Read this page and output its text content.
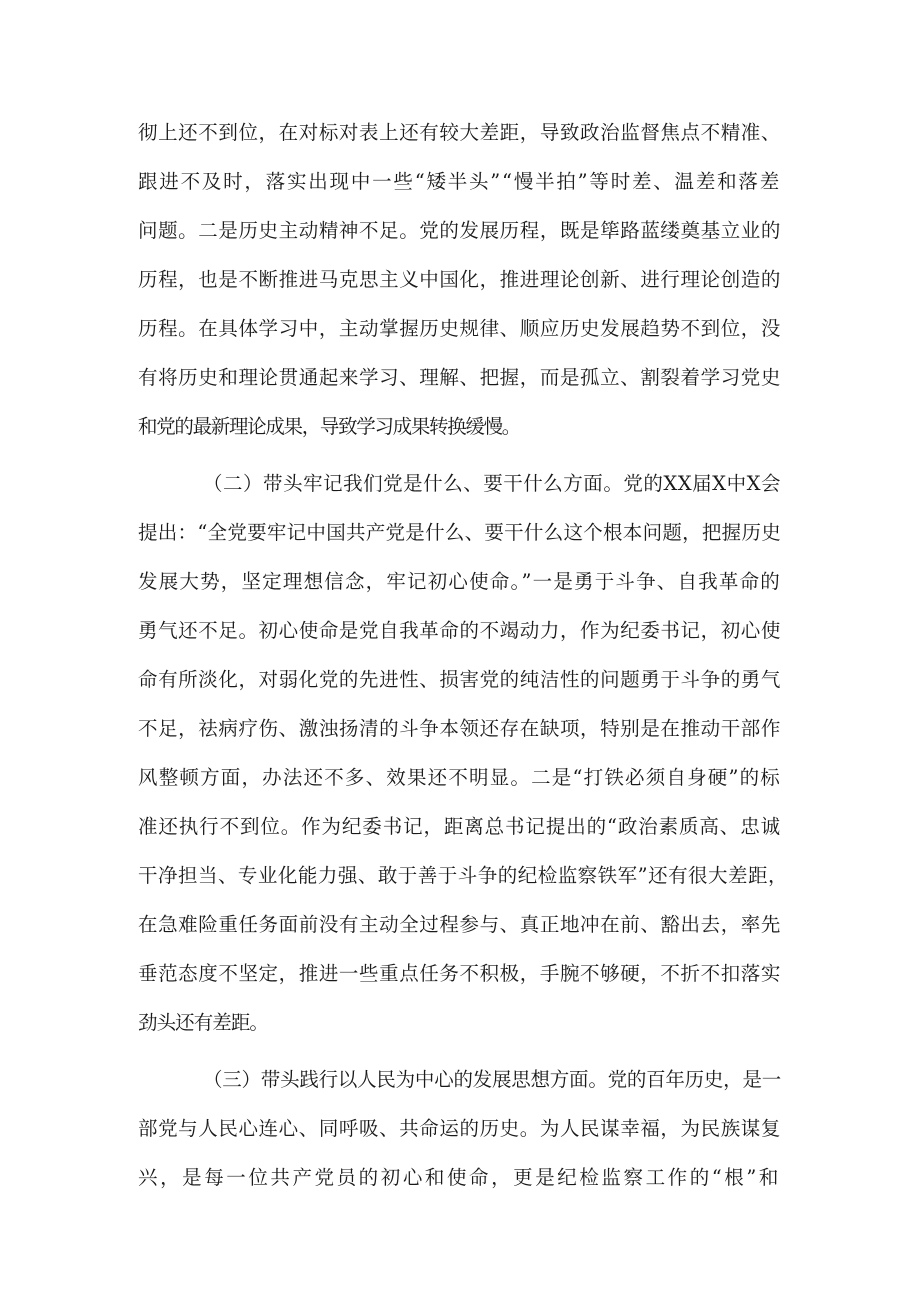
彻上还不到位，在对标对表上还有较大差距，导致政治监督焦点不精准、
跟进不及时，落实出现中一些“矮半头”“慢半拍”等时差、温差和落差
问题。二是历史主动精神不足。党的发展历程，既是筚路蓝缕奠基立业的
历程，也是不断推进马克思主义中国化，推进理论创新、进行理论创造的
历程。在具体学习中，主动掌握历史规律、顺应历史发展趋势不到位，没
有将历史和理论贯通起来学习、理解、把握，而是孤立、割裂着学习党史
和党的最新理论成果，导致学习成果转换缓慢。
（二）带头牢记我们党是什么、要干什么方面。党的XX届X中X会
提出：“全党要牢记中国共产党是什么、要干什么这个根本问题，把握历史
发展大势，坚定理想信念，牢记初心使命。”一是勇于斗争、自我革命的
勇气还不足。初心使命是党自我革命的不竭动力，作为纪委书记，初心使
命有所淡化，对弱化党的先进性、损害党的纯洁性的问题勇于斗争的勇气
不足，祛病疗伤、激浊扬清的斗争本领还存在缺项，特别是在推动干部作
风整顿方面，办法还不多、效果还不明显。二是“打铁必须自身硬”的标
准还执行不到位。作为纪委书记，距离总书记提出的“政治素质高、忠诚
干净担当、专业化能力强、敢于善于斗争的纪检监察铁军”还有很大差距，
在急难险重任务面前没有主动全过程参与、真正地冲在前、豁出去，率先
垂范态度不坚定，推进一些重点任务不积极，手腕不够硬，不折不扣落实
劲头还有差距。
（三）带头践行以人民为中心的发展思想方面。党的百年历史，是一
部党与人民心连心、同呼吸、共命运的历史。为人民谋幸福，为民族谋复
兴，是每一位共产党员的初心和使命，更是纪检监察工作的“根”和
